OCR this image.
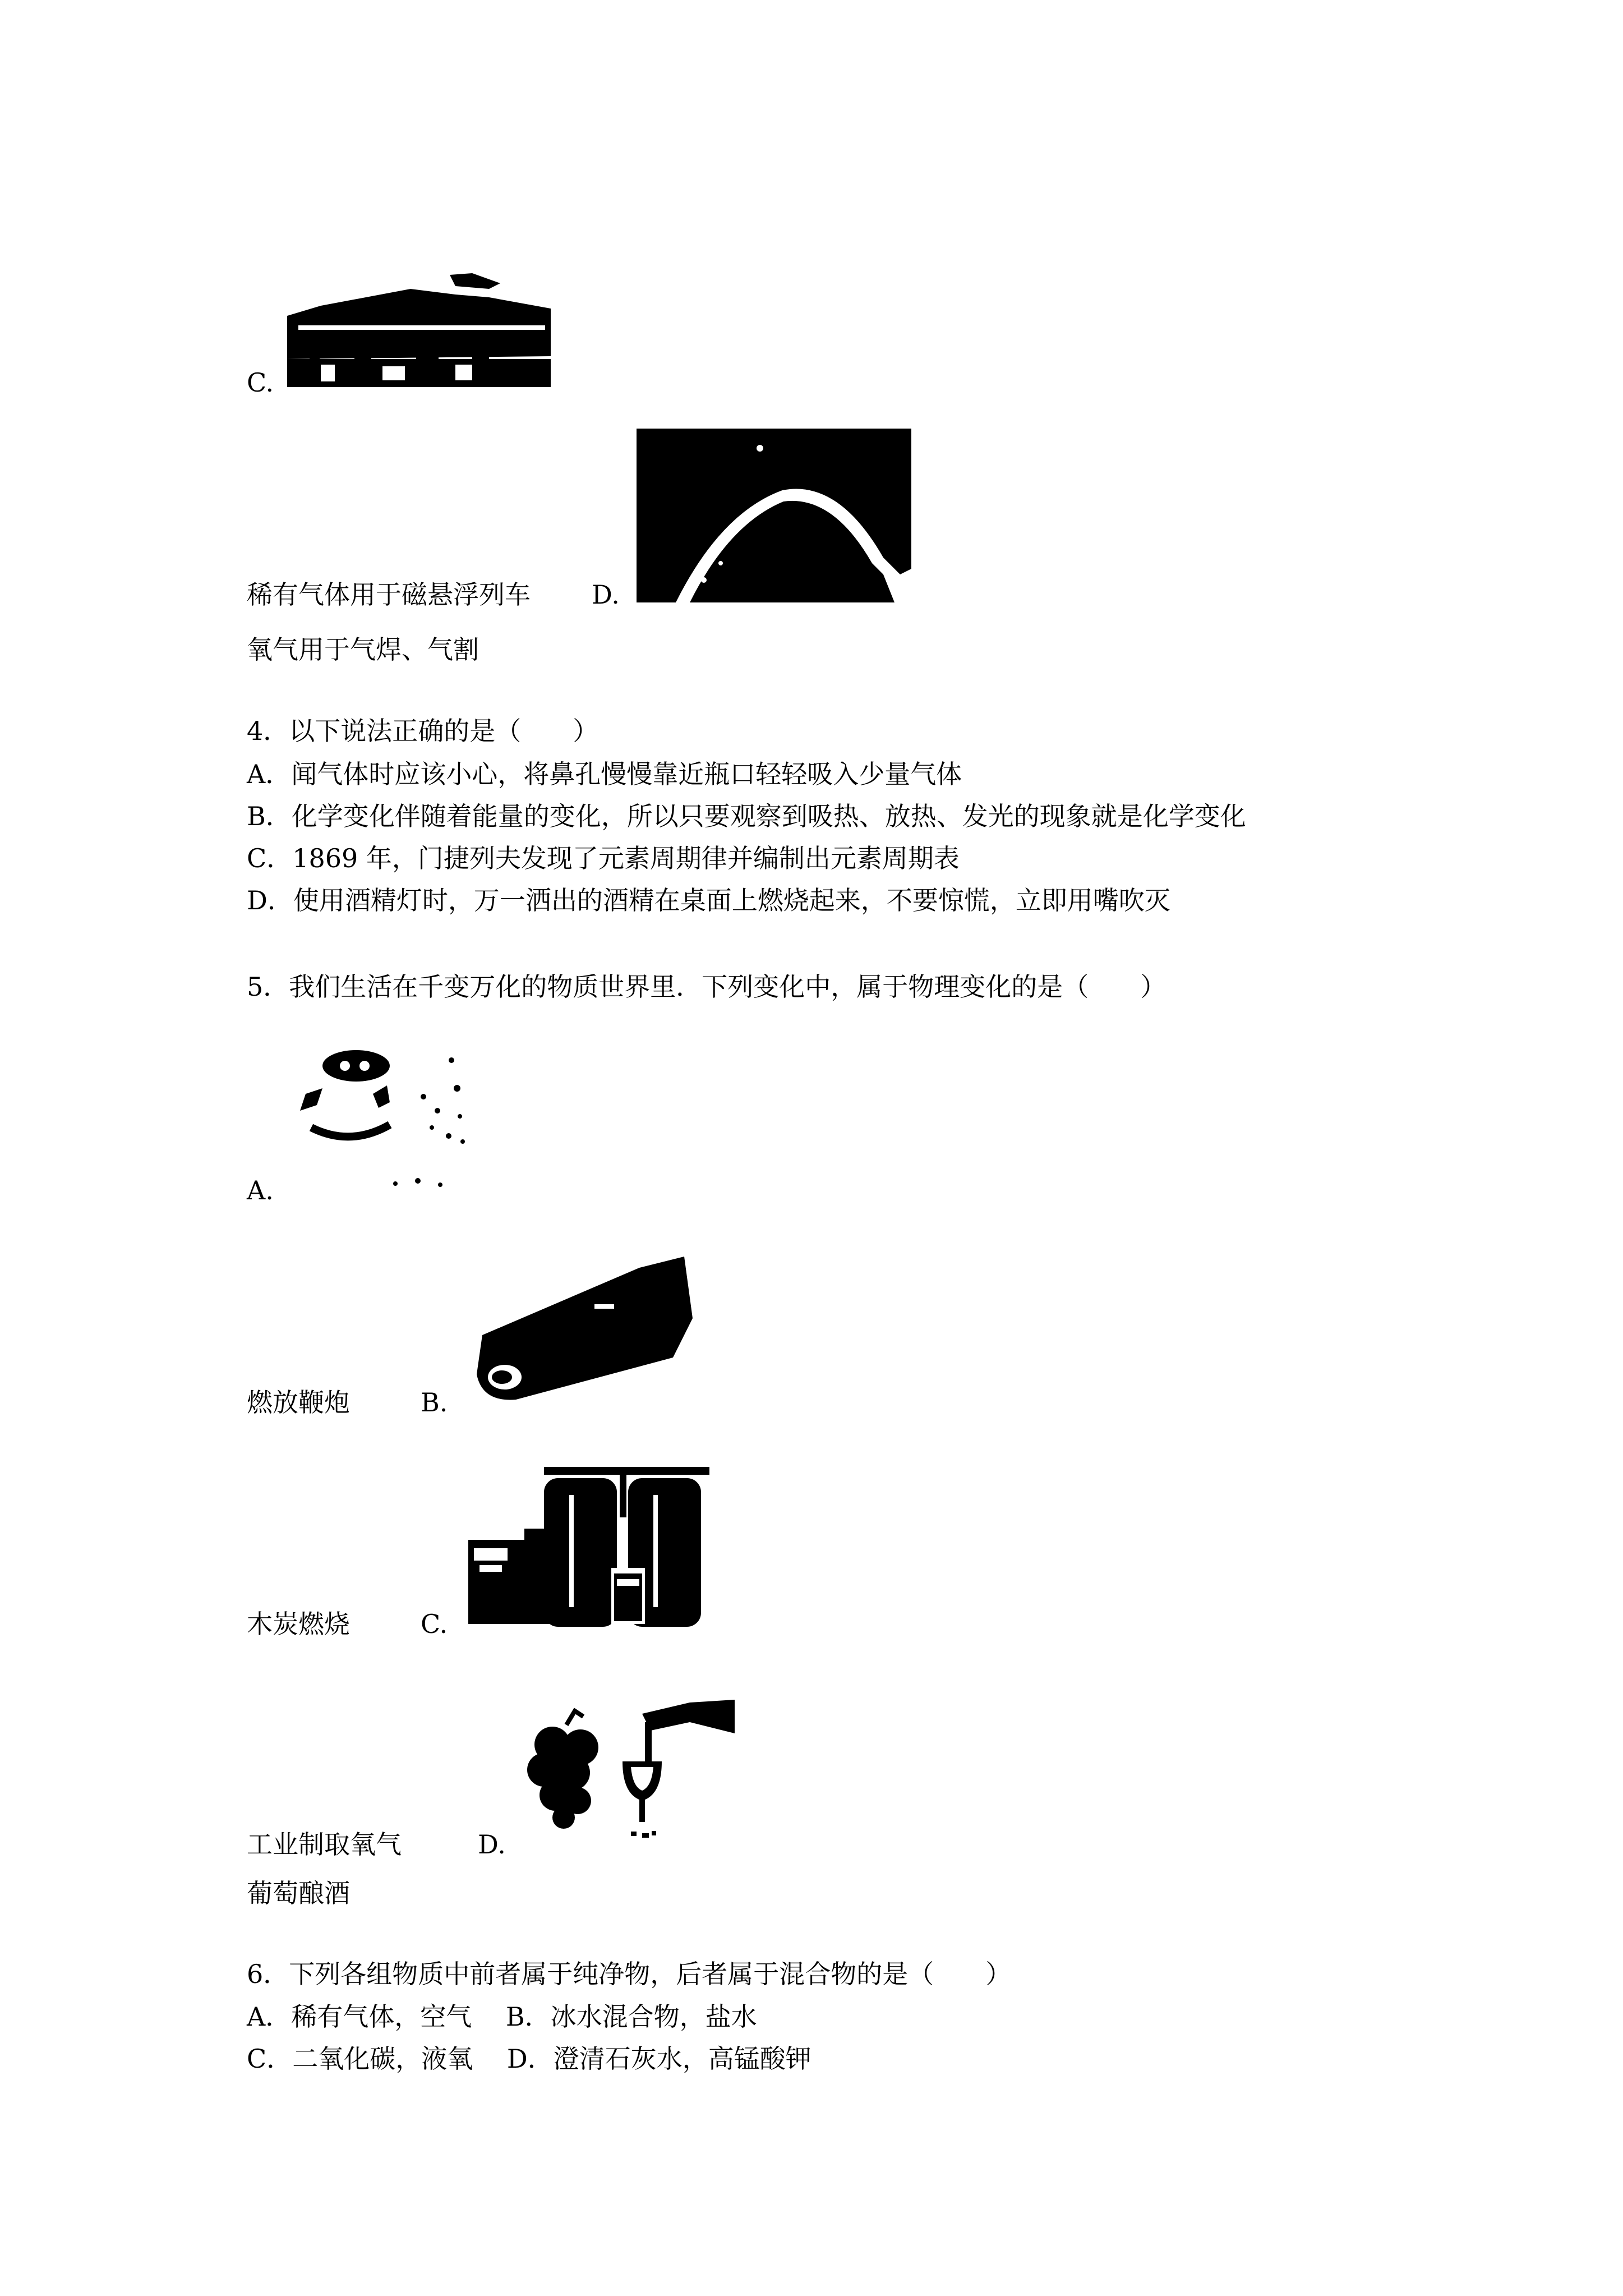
C.
稀有气体用于磁悬浮列车 D.
氧气用于气焊、气割
4．以下说法正确的是（　　）
A．闻气体时应该小心，将鼻孔慢慢靠近瓶口轻轻吸入少量气体
B．化学变化伴随着能量的变化，所以只要观察到吸热、放热、发光的现象就是化学变化
C．1869 年，门捷列夫发现了元素周期律并编制出元素周期表
D．使用酒精灯时，万一洒出的酒精在桌面上燃烧起来，不要惊慌，立即用嘴吹灭
5．我们生活在千变万化的物质世界里．下列变化中，属于物理变化的是（　　）
A.
燃放鞭炮	B.
木炭燃烧	C.
工业制取氧气	D.
葡萄酿酒
6．下列各组物质中前者属于纯净物，后者属于混合物的是（　　）
A．稀有气体，空气　 B．冰水混合物，盐水
C．二氧化碳，液氧　 D．澄清石灰水，高锰酸钾
